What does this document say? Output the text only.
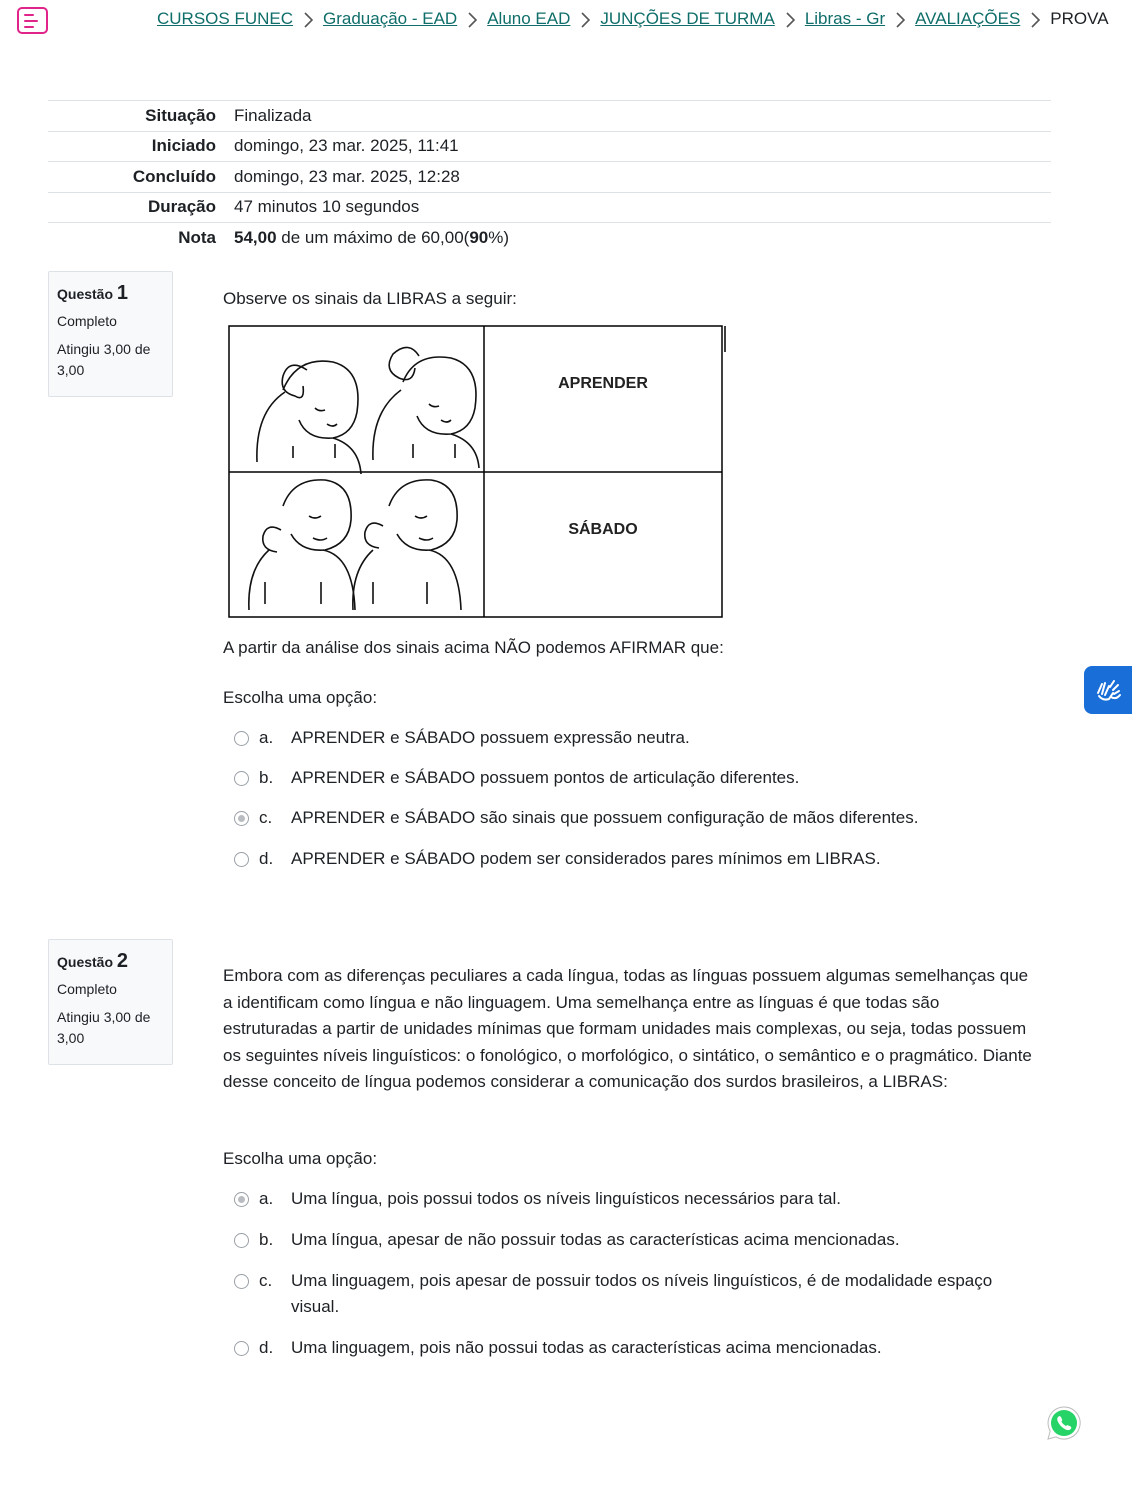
CURSOS FUNEC Graduação - EAD Aluno EAD JUNÇÕES DE TURMA Libras - Gr AVALIAÇÕES PROVA
Situação	Finalizada
Iniciado	domingo, 23 mar. 2025, 11:41
Concluído	domingo, 23 mar. 2025, 12:28
Duração	47 minutos 10 segundos
Nota	54,00 de um máximo de 60,00(90%)
Questão 1
Completo
Atingiu 3,00 de 3,00
Observe os sinais da LIBRAS a seguir:
APRENDER
SÁBADO
A partir da análise dos sinais acima NÃO podemos AFIRMAR que:
Escolha uma opção:
a.	APRENDER e SÁBADO possuem expressão neutra.
b.	APRENDER e SÁBADO possuem pontos de articulação diferentes.
c.	APRENDER e SÁBADO são sinais que possuem configuração de mãos diferentes.
d.	APRENDER e SÁBADO podem ser considerados pares mínimos em LIBRAS.
Questão 2
Completo
Atingiu 3,00 de 3,00
Embora com as diferenças peculiares a cada língua, todas as línguas possuem algumas semelhanças que a identificam como língua e não linguagem. Uma semelhança entre as línguas é que todas são estruturadas a partir de unidades mínimas que formam unidades mais complexas, ou seja, todas possuem os seguintes níveis linguísticos: o fonológico, o morfológico, o sintático, o semântico e o pragmático. Diante desse conceito de língua podemos considerar a comunicação dos surdos brasileiros, a LIBRAS:
Escolha uma opção:
a.	Uma língua, pois possui todos os níveis linguísticos necessários para tal.
b.	Uma língua, apesar de não possuir todas as características acima mencionadas.
c.	Uma linguagem, pois apesar de possuir todos os níveis linguísticos, é de modalidade espaço visual.
d.	Uma linguagem, pois não possui todas as características acima mencionadas.
